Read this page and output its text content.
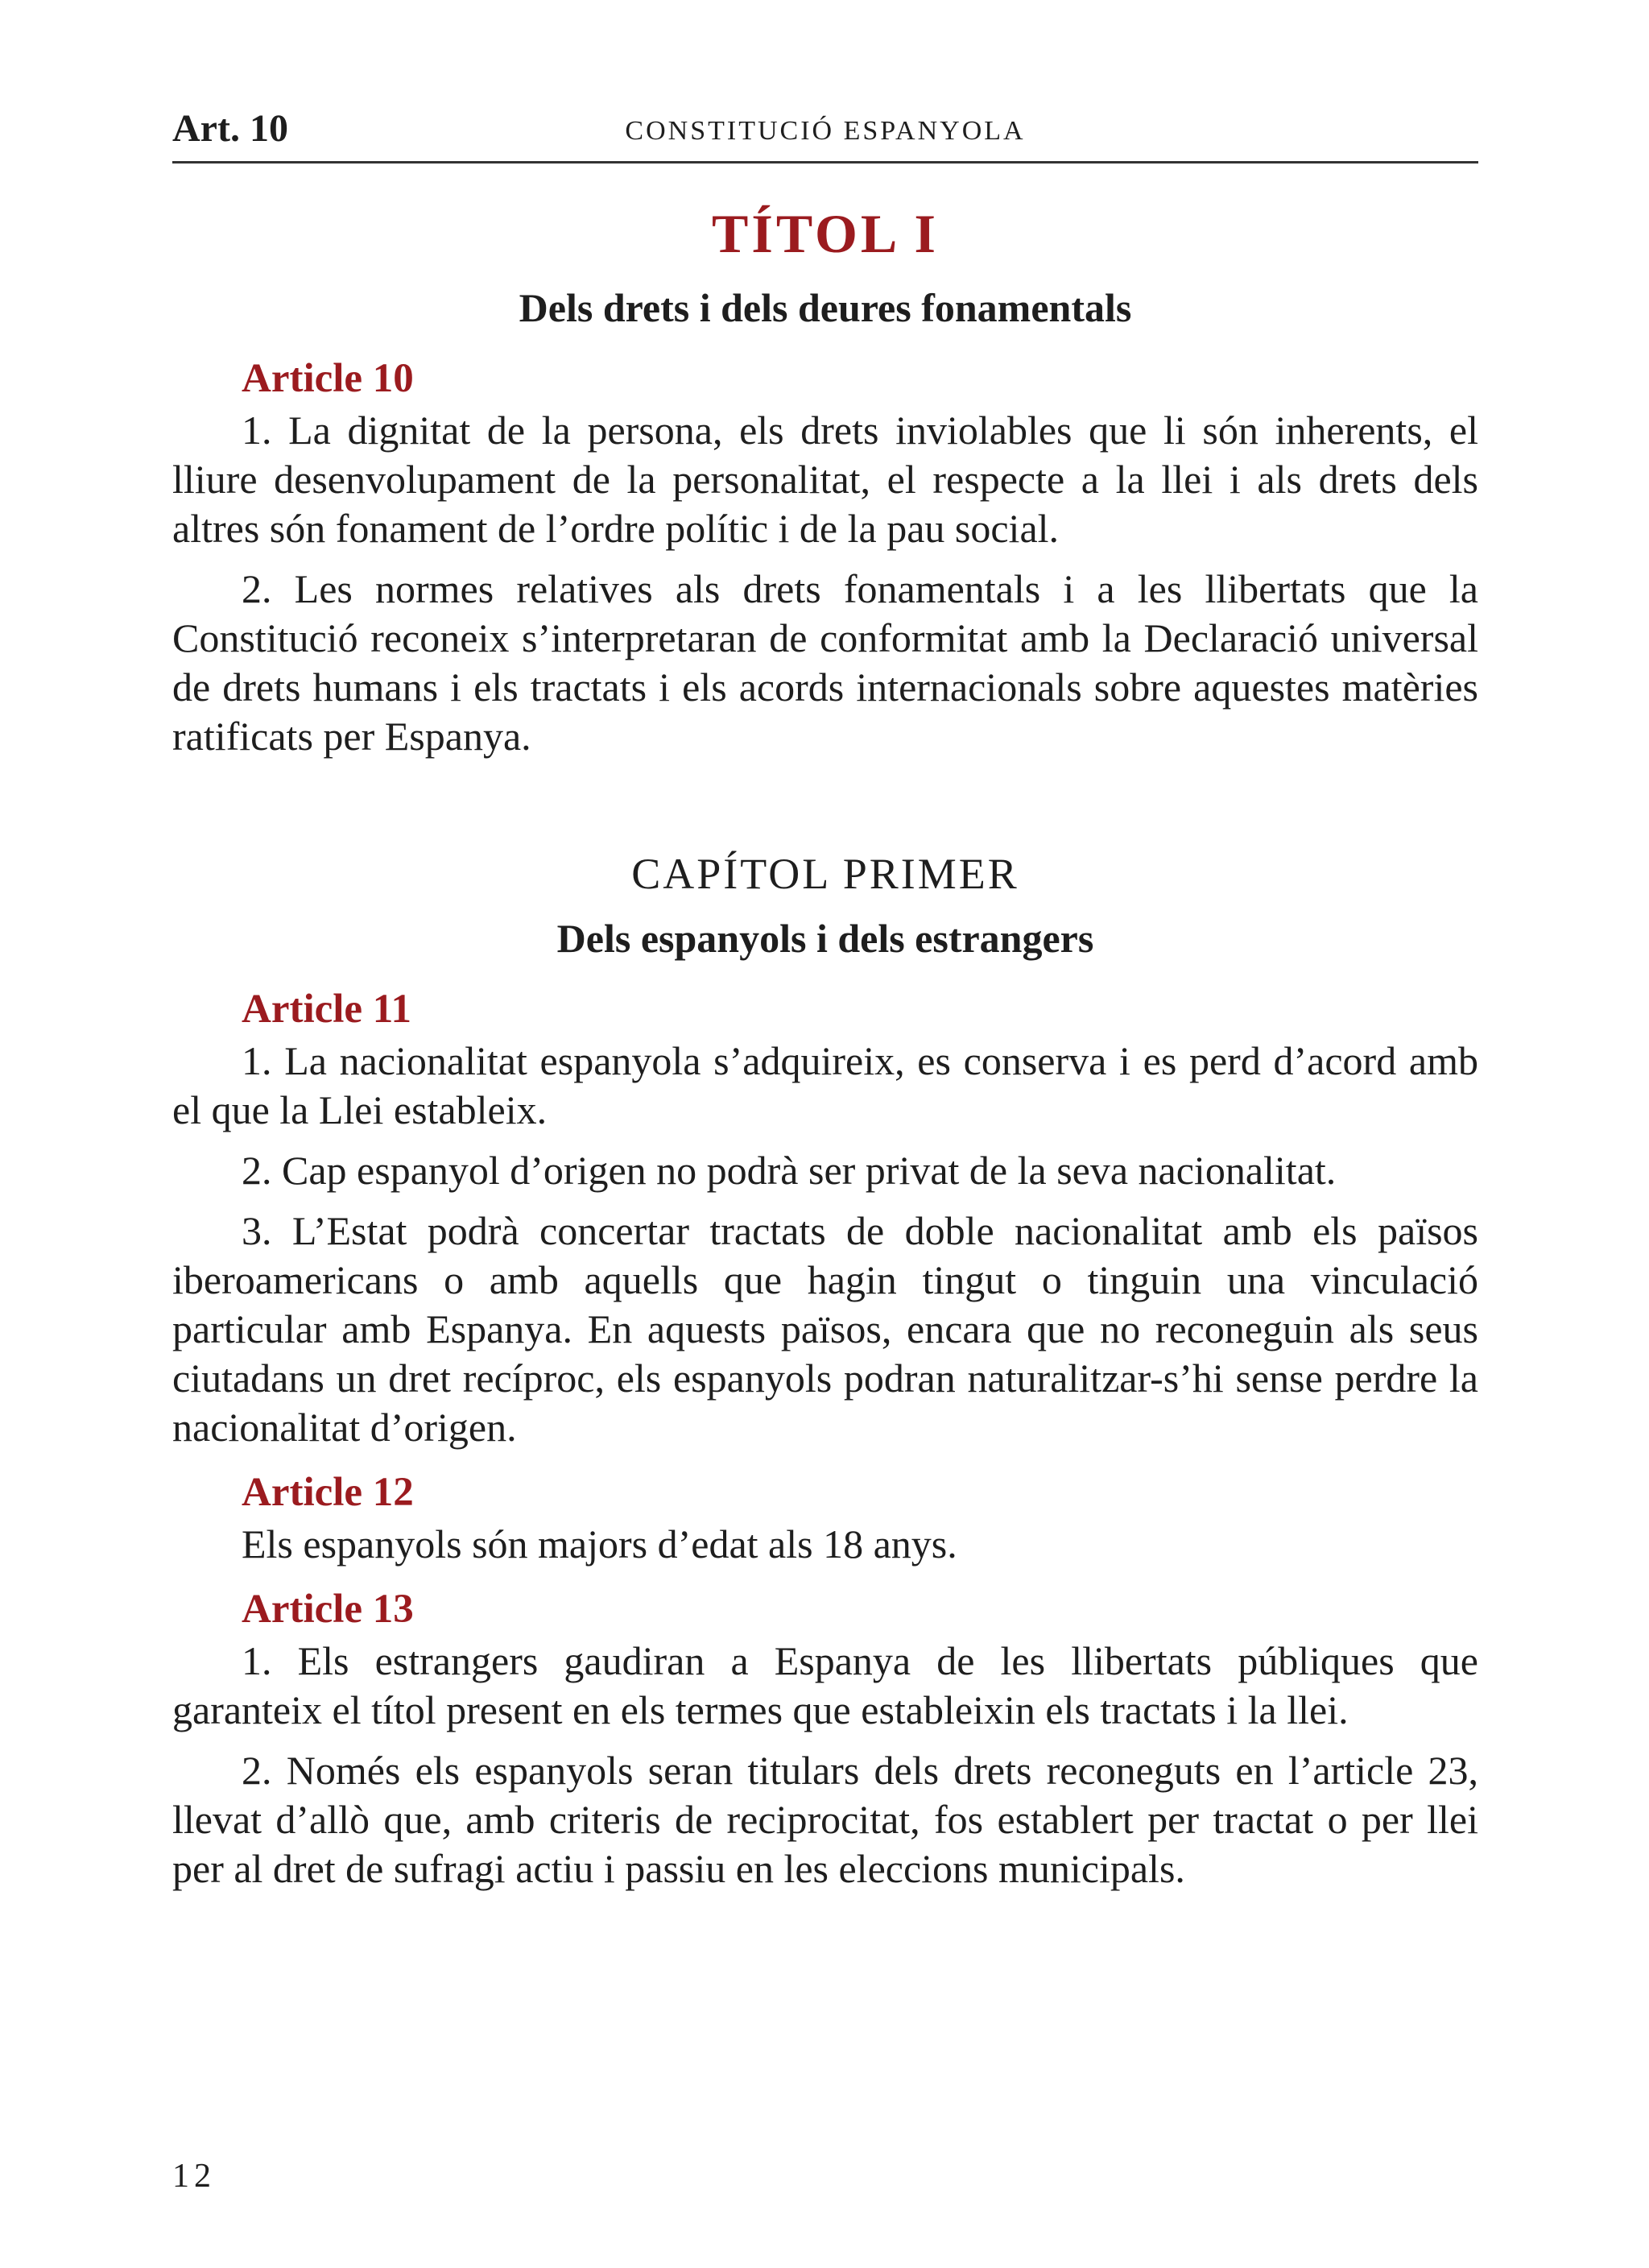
Art. 10	CONSTITUCIÓ ESPANYOLA
TÍTOL I
Dels drets i dels deures fonamentals
Article 10

1. La dignitat de la persona, els drets inviolables que li són inherents, el lliure desenvolupament de la personalitat, el respecte a la llei i als drets dels altres són fonament de l’ordre polític i de la pau social.

2. Les normes relatives als drets fonamentals i a les llibertats que la Constitució reconeix s’interpretaran de conformitat amb la Declaració universal de drets humans i els tractats i els acords internacionals sobre aquestes matèries ratificats per Espanya.

CAPÍTOL PRIMER
Dels espanyols i dels estrangers
Article 11

1. La nacionalitat espanyola s’adquireix, es conserva i es perd d’acord amb el que la Llei estableix.

2. Cap espanyol d’origen no podrà ser privat de la seva nacionalitat.

3. L’Estat podrà concertar tractats de doble nacionalitat amb els països iberoamericans o amb aquells que hagin tingut o tinguin una vinculació particular amb Espanya. En aquests països, encara que no reconeguin als seus ciutadans un dret recíproc, els espanyols podran naturalitzar-s’hi sense perdre la nacionalitat d’origen.

Article 12

Els espanyols són majors d’edat als 18 anys.

Article 13

1. Els estrangers gaudiran a Espanya de les llibertats públiques que garanteix el títol present en els termes que estableixin els tractats i la llei.

2. Només els espanyols seran titulars dels drets reconeguts en l’article 23, llevat d’allò que, amb criteris de reciprocitat, fos establert per tractat o per llei per al dret de sufragi actiu i passiu en les eleccions municipals.

12
